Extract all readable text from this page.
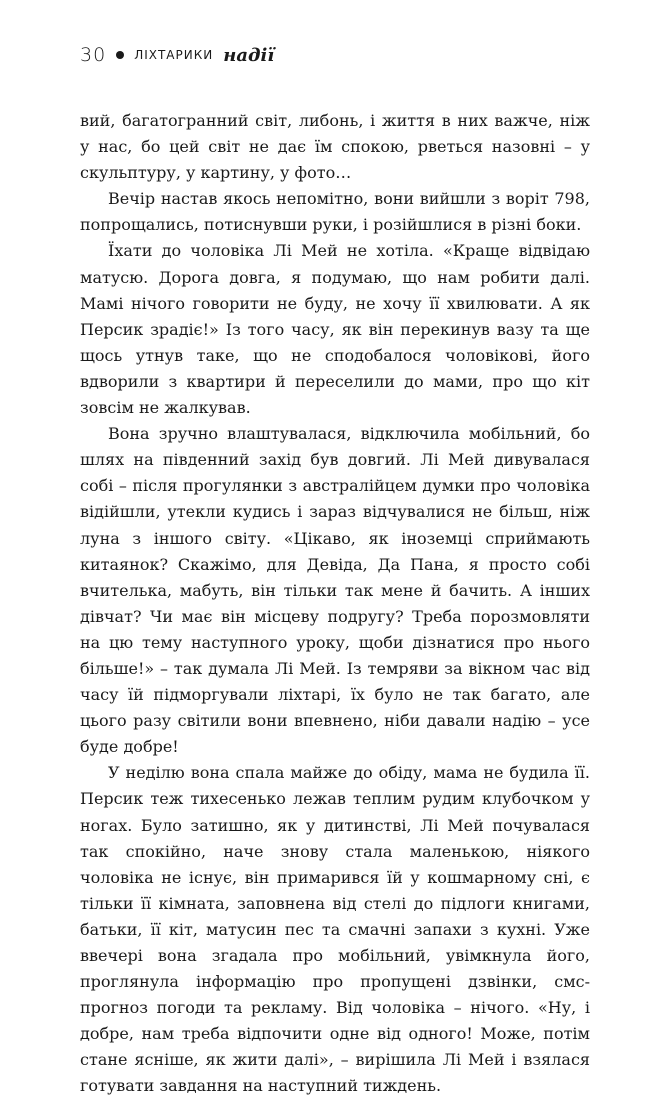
30 ЛІХТАРИКИ надії

вий, багатогранний світ, либонь, і життя в них важче, ніж у нас, бо цей світ не дає їм спокою, рветься назовні – у скульптуру, у картину, у фото…

Вечір настав якось непомітно, вони вийшли з воріт 798, попрощались, потиснувши руки, і розійшлися в різні боки.

Їхати до чоловіка Лі Мей не хотіла. «Краще відвідаю матусю. Дорога довга, я подумаю, що нам робити далі. Мамі нічого говорити не буду, не хочу її хвилювати. А як Персик зрадіє!» Із того часу, як він перекинув вазу та ще щось утнув таке, що не сподобалося чоловікові, його вдворили з квартири й переселили до мами, про що кіт зовсім не жалкував.

Вона зручно влаштувалася, відключила мобільний, бо шлях на південний захід був довгий. Лі Мей дивувалася собі – після прогулянки з австралійцем думки про чоловіка відійшли, утекли кудись і зараз відчувалися не більш, ніж луна з іншого світу. «Цікаво, як іноземці сприймають китаянок? Скажімо, для Девіда, Да Пана, я просто собі вчителька, мабуть, він тільки так мене й бачить. А інших дівчат? Чи має він місцеву подругу? Треба порозмовляти на цю тему наступного уроку, щоби дізнатися про нього більше!» – так думала Лі Мей. Із темряви за вікном час від часу їй підморгували ліхтарі, їх було не так багато, але цього разу світили вони впевнено, ніби давали надію – усе буде добре!

У неділю вона спала майже до обіду, мама не будила її. Персик теж тихесенько лежав теплим рудим клубочком у ногах. Було затишно, як у дитинстві, Лі Мей почувалася так спокійно, наче знову стала маленькою, ніякого чоловіка не існує, він примарився їй у кошмарному сні, є тільки її кімната, заповнена від стелі до підлоги книгами, батьки, її кіт, матусин пес та смачні запахи з кухні. Уже ввечері вона згадала про мобільний, увімкнула його, проглянула інформацію про пропущені дзвінки, смс-прогноз погоди та рекламу. Від чоловіка – нічого. «Ну, і добре, нам треба відпочити одне від одного! Може, потім стане ясніше, як жити далі», – вирішила Лі Мей і взялася готувати завдання на наступний тиждень.
